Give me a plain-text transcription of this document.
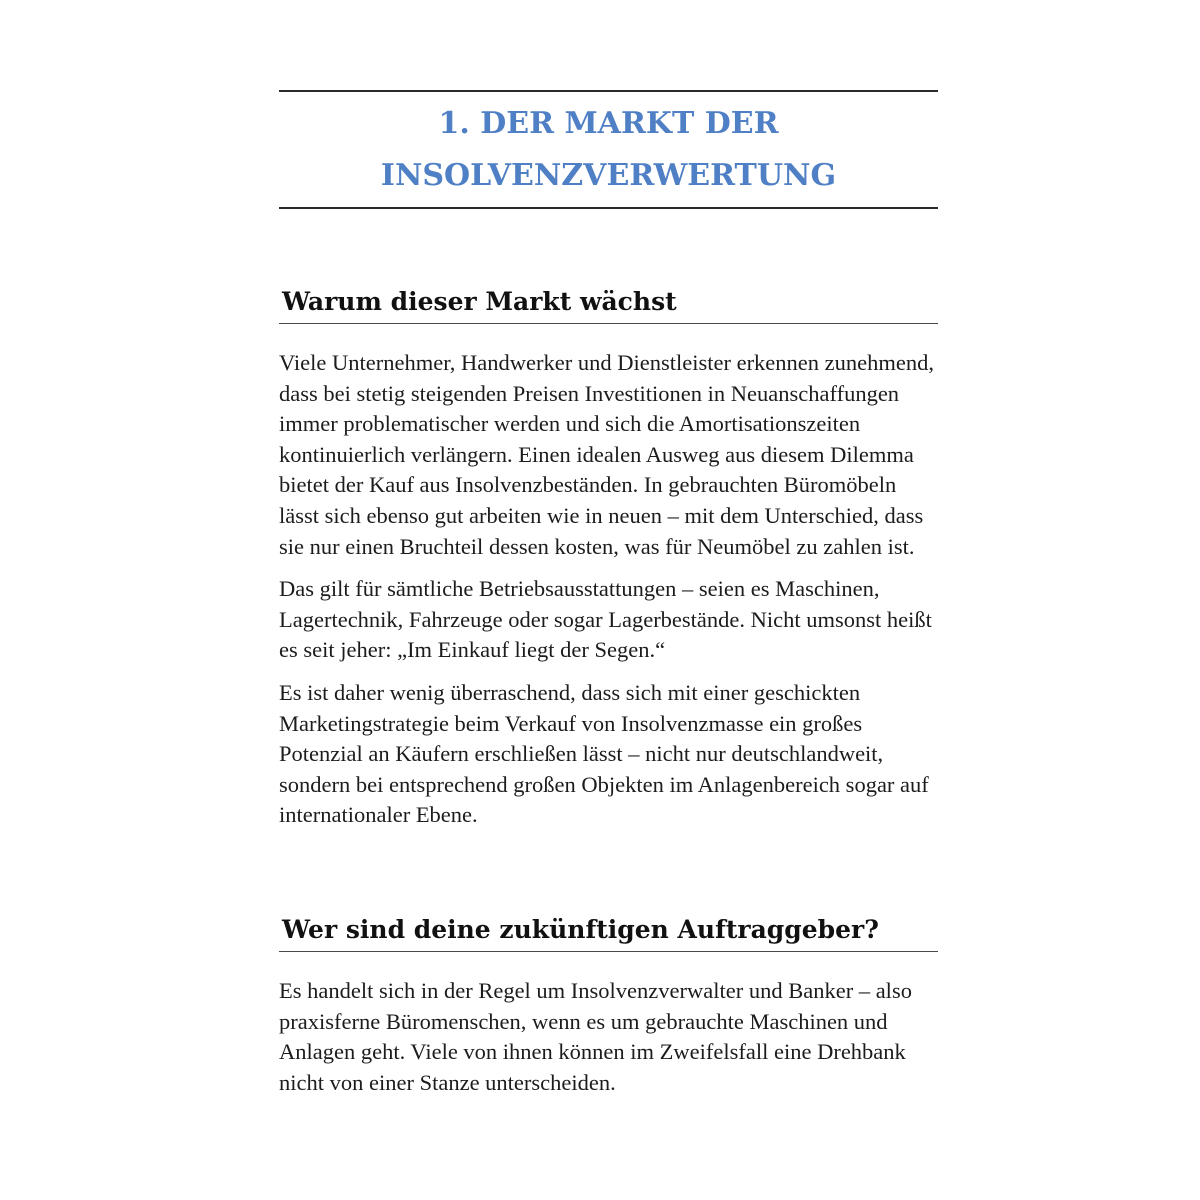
1. DER MARKT DER
INSOLVENZVERWERTUNG
Warum dieser Markt wächst

Viele Unternehmer, Handwerker und Dienstleister erkennen zunehmend, dass bei stetig steigenden Preisen Investitionen in Neuanschaffungen immer problematischer werden und sich die Amortisationszeiten kontinuierlich verlängern. Einen idealen Ausweg aus diesem Dilemma bietet der Kauf aus Insolvenzbeständen. In gebrauchten Büromöbeln lässt sich ebenso gut arbeiten wie in neuen – mit dem Unterschied, dass sie nur einen Bruchteil dessen kosten, was für Neumöbel zu zahlen ist.

Das gilt für sämtliche Betriebsausstattungen – seien es Maschinen, Lagertechnik, Fahrzeuge oder sogar Lagerbestände. Nicht umsonst heißt es seit jeher: „Im Einkauf liegt der Segen.“

Es ist daher wenig überraschend, dass sich mit einer geschickten Marketingstrategie beim Verkauf von Insolvenzmasse ein großes Potenzial an Käufern erschließen lässt – nicht nur deutschlandweit, sondern bei entsprechend großen Objekten im Anlagenbereich sogar auf internationaler Ebene.

Wer sind deine zukünftigen Auftraggeber?

Es handelt sich in der Regel um Insolvenzverwalter und Banker – also praxisferne Büromenschen, wenn es um gebrauchte Maschinen und Anlagen geht. Viele von ihnen können im Zweifelsfall eine Drehbank nicht von einer Stanze unterscheiden.
